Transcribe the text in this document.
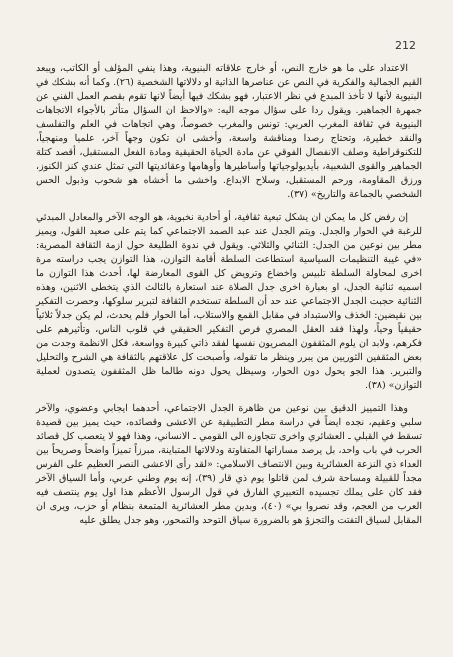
212

الاعتداد على ما هو خارج النص، أو خارج علاقاته البنيوية، وهذا ينفي المؤلف أو الكاتب، ويبعد القيم الجمالية والفكرية في النص عن عناصرها الذاتية او دلالاتها الشخصية (٢٦). وكما أنه بشكك في البنيوية لأنها لا تأخذ المبدع في نظر الاعتبار، فهو بشكك فيها أيضاً لانها تقوم بقصم العمل الفني عن جمهرة الجماهير. ويقول ردا على سؤال موجه اليه: «والاحظ ان السؤال متأثر بالأجواء الاتجاهات البنيوية في ثقافة المغرب العربي: تونس والمغرب خصوصاً، وهي اتجاهات في العلم والتفلسف والنقد خطيرة، وتحتاج رصدا ومناقشة واسعة، وأخشى ان تكون وجهاً آخر، علميا ومنهجياً، للتكنوقراطية وصلف الانفصال الفوقي عن مادة الحياة الحقيقية ومادة الفعل المستقبل، أقصد كتلة الجماهير والقوى الشعبية، بأيديولوجياتها وأساطيرها وأوهامها وعقائديتها التي تمثل عندي كنز الكنوز، ورزق المقاومة، ورحم المستقبل، وسلاح الابداع. واخشى ما أخشاه هو شحوب وذبول الحس الشخصي بالجماعة والتاريخ» (٣٧).

إن رفض كل ما يمكن ان يشكل تبعية ثقافية، أو أحادية نخبوية، هو الوجه الآخر والمعادل المبدئي للرغبة في الحوار والجدل. ويتم الجدل عند عبد الصمد الاجتماعي كما يتم على صعيد القول، ويميز مطر بين نوعين من الجدل: الثنائي والثلاثي. ويقول في ندوة الطليعة حول ازمة الثقافة المصرية: «في غيبة التنظيمات السياسية استطاعت السلطة أقامة التوازن، هذا التوازن يجب دراسته مرة اخرى لمحاولة السلطة تلبيس واخضاع وترويض كل القوى المعارضة لها، أحدث هذا التوازن ما اسميه ثنائية الجدل، او بعبارة اخرى جدل الصلاة عند استعارة بالثالث الذي يتخطى الاثنين، وهذه الثنائية حجبت الجدل الاجتماعي عند حد أن السلطة تستخدم الثقافة لتبرير سلوكها، وحصرت التفكير بين نقيضين: الخذف والاستبداد في مقابل القمع والاستلاب، أما الحوار فلم يحدث، لم يكن جدلاً ثلاثياً حقيقياً وحياً، ولهذا فقد العقل المصري فرص التفكير الحقيقي في قلوب الناس، وتأثيرهم على فكرهم، ولابد ان يلوم المثقفون المصريون نفسها لفقد ذاتي كبيرة وواسعة، فكل الانظمة وجدت من بعض المثقفين الثوريين من يبرر وينظر ما تقوله، وأصبحت كل علاقتهم بالثقافة هي الشرح والتحليل والتبرير. هذا الجو يحول دون الحوار، وسيظل يحول دونه طالما ظل المثقفون يتصدون لعملية التوازن» (٣٨).

وهذا التمييز الدقيق بين نوعين من ظاهرة الجدل الاجتماعي، أحدهما ايجابي وعضوي، والآخر سلبي وعقيم، نجده ايضاً في دراسة مطر التطبيقية عن الاعشى وقصائده، حيث يميز بين قصيدة تسقط في القبلي ـ العشائري واخرى تتجاوزه الى القومي ـ الانساني، وهذا فهو لا يتعصب كل قصائد الحرب في باب واحد، بل يرصد مساراتها المتفاوتة ودلالاتها المتباينة، مبرزاً تميزاً واضحاً وصريحاً بين العداء ذي النزعة العشائرية وبين الانتصاف الاسلامي: «لقد رأى الاعشى النصر العظيم على الفرس مجداً للقبيلة ومساحة شرف لمن قاتلوا يوم ذي قار (٣٩)، إنه يوم وطني عربي، وأما السياق الآخر فقد كان على يملك تجسيده التعبيري الفارق في قول الرسول الأعظم هذا اول يوم ينتصف فيه العرب من العجم، وقد نصروا بي» (٤٠)، وبدين مطر العشائرية المتمعة بنظام أو حزب، ويرى ان المقابل لسياق التفتت والتجزؤ هو بالضرورة سياق التوحد والتمحور، وهو جدل يطلق عليه
